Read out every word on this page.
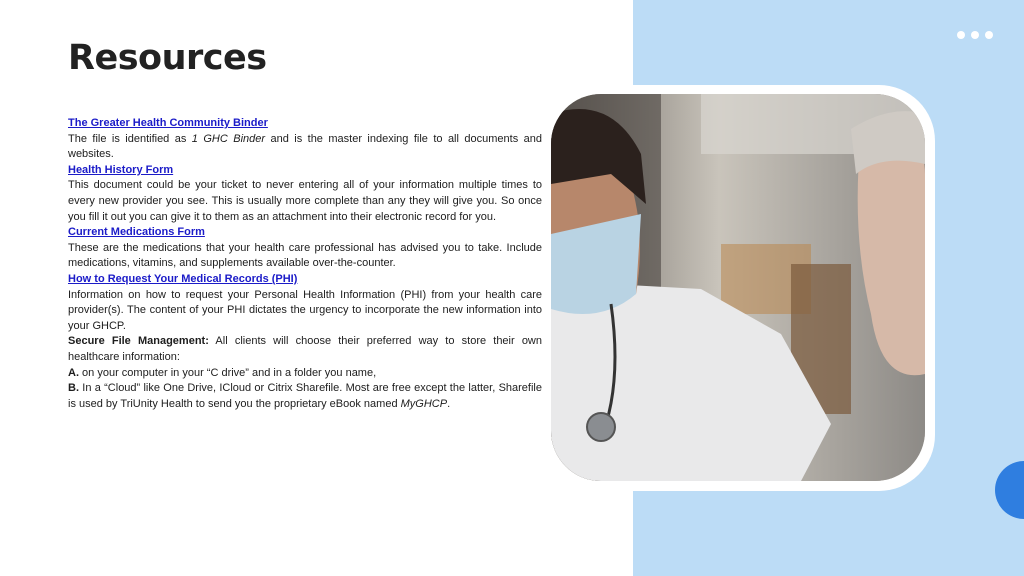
Resources
The Greater Health Community Binder

The file is identified as 1 GHC Binder and is the master indexing file to all documents and websites.

Health History Form

This document could be your ticket to never entering all of your information multiple times to every new provider you see. This is usually more complete than any they will give you. So once you fill it out you can give it to them as an attachment into their electronic record for you.

Current Medications Form

These are the medications that your health care professional has advised you to take. Include medications, vitamins, and supplements available over-the-counter.

How to Request Your Medical Records (PHI)

Information on how to request your Personal Health Information (PHI) from your health care provider(s). The content of your PHI dictates the urgency to incorporate the new information into your GHCP.

Secure File Management: All clients will choose their preferred way to store their own healthcare information:

A. on your computer in your “C drive” and in a folder you name,

B. In a “Cloud” like One Drive, ICloud or Citrix Sharefile. Most are free except the latter, Sharefile is used by TriUnity Health to send you the proprietary eBook named MyGHCP.
